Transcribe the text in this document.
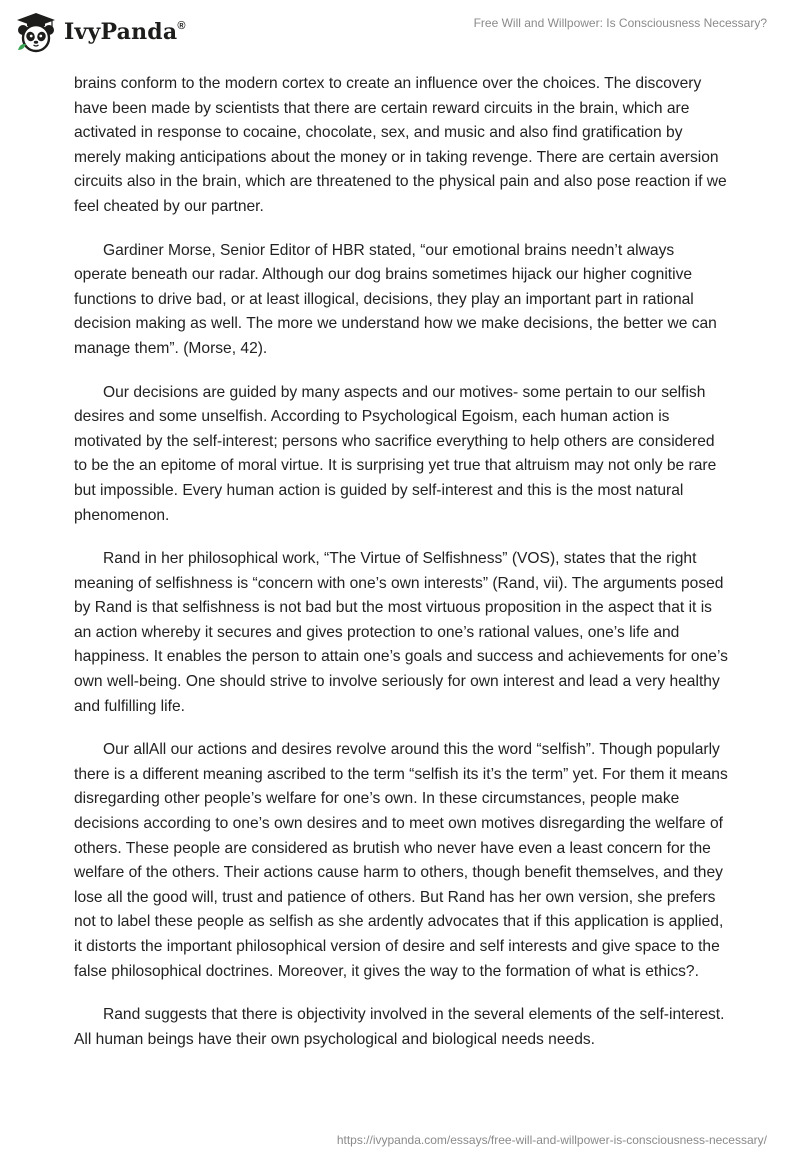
IvyPanda®	Free Will and Willpower: Is Consciousness Necessary?

brains conform to the modern cortex to create an influence over the choices. The discovery have been made by scientists that there are certain reward circuits in the brain, which are activated in response to cocaine, chocolate, sex, and music and also find gratification by merely making anticipations about the money or in taking revenge. There are certain aversion circuits also in the brain, which are threatened to the physical pain and also pose reaction if we feel cheated by our partner.

Gardiner Morse, Senior Editor of HBR stated, “our emotional brains needn’t always operate beneath our radar. Although our dog brains sometimes hijack our higher cognitive functions to drive bad, or at least illogical, decisions, they play an important part in rational decision making as well. The more we understand how we make decisions, the better we can manage them”. (Morse, 42).

Our decisions are guided by many aspects and our motives- some pertain to our selfish desires and some unselfish. According to Psychological Egoism, each human action is motivated by the self-interest; persons who sacrifice everything to help others are considered to be the an epitome of moral virtue. It is surprising yet true that altruism may not only be rare but impossible. Every human action is guided by self-interest and this is the most natural phenomenon.

Rand in her philosophical work, “The Virtue of Selfishness” (VOS), states that the right meaning of selfishness is “concern with one’s own interests” (Rand, vii). The arguments posed by Rand is that selfishness is not bad but the most virtuous proposition in the aspect that it is an action whereby it secures and gives protection to one’s rational values, one’s life and happiness. It enables the person to attain one’s goals and success and achievements for one’s own well-being. One should strive to involve seriously for own interest and lead a very healthy and fulfilling life.

Our allAll our actions and desires revolve around this the word “selfish”. Though popularly there is a different meaning ascribed to the term “selfish its it’s the term” yet. For them it means disregarding other people’s welfare for one’s own. In these circumstances, people make decisions according to one’s own desires and to meet own motives disregarding the welfare of others. These people are considered as brutish who never have even a least concern for the welfare of the others. Their actions cause harm to others, though benefit themselves, and they lose all the good will, trust and patience of others. But Rand has her own version, she prefers not to label these people as selfish as she ardently advocates that if this application is applied, it distorts the important philosophical version of desire and self interests and give space to the false philosophical doctrines. Moreover, it gives the way to the formation of what is ethics?.

Rand suggests that there is objectivity involved in the several elements of the self-interest. All human beings have their own psychological and biological needs needs.

https://ivypanda.com/essays/free-will-and-willpower-is-consciousness-necessary/
